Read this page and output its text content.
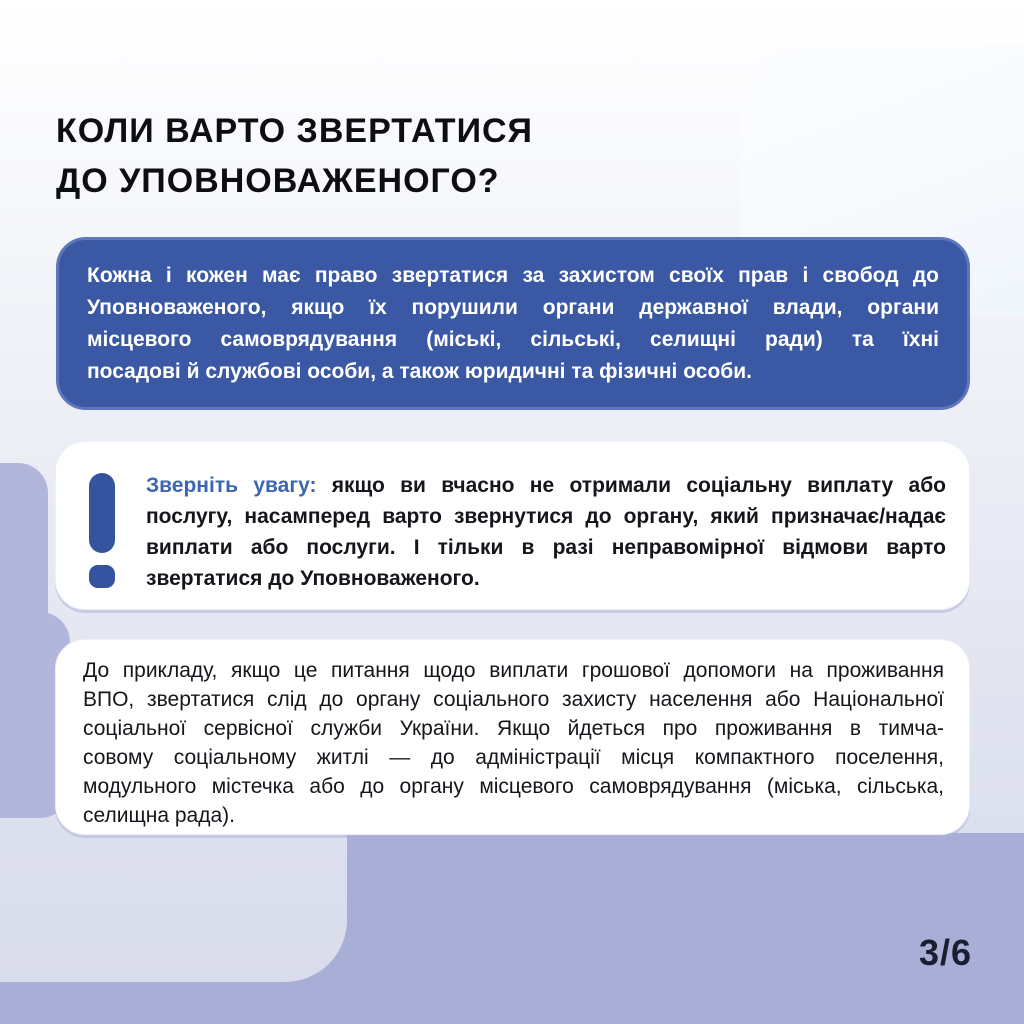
КОЛИ ВАРТО ЗВЕРТАТИСЯ
ДО УПОВНОВАЖЕНОГО?

Кожна і кожен має право звертатися за захистом своїх прав і свобод до

Уповноваженого, якщо їх порушили органи державної влади, органи

місцевого самоврядування (міські, сільські, селищні ради) та їхні

посадові й службові особи, а також юридичні та фізичні особи.

Зверніть увагу: якщо ви вчасно не отримали соціальну виплату або

послугу, насамперед варто звернутися до органу, який призначає/надає

виплати або послуги. І тільки в разі неправомірної відмови варто

звертатися до Уповноваженого.

До прикладу, якщо це питання щодо виплати грошової допомоги на проживання

ВПО, звертатися слід до органу соціального захисту населення або Національної

соціальної сервісної служби України. Якщо йдеться про проживання в тимча-

совому соціальному житлі — до адміністрації місця компактного поселення,

модульного містечка або до органу місцевого самоврядування (міська, сільська,

селищна рада).

3/6
